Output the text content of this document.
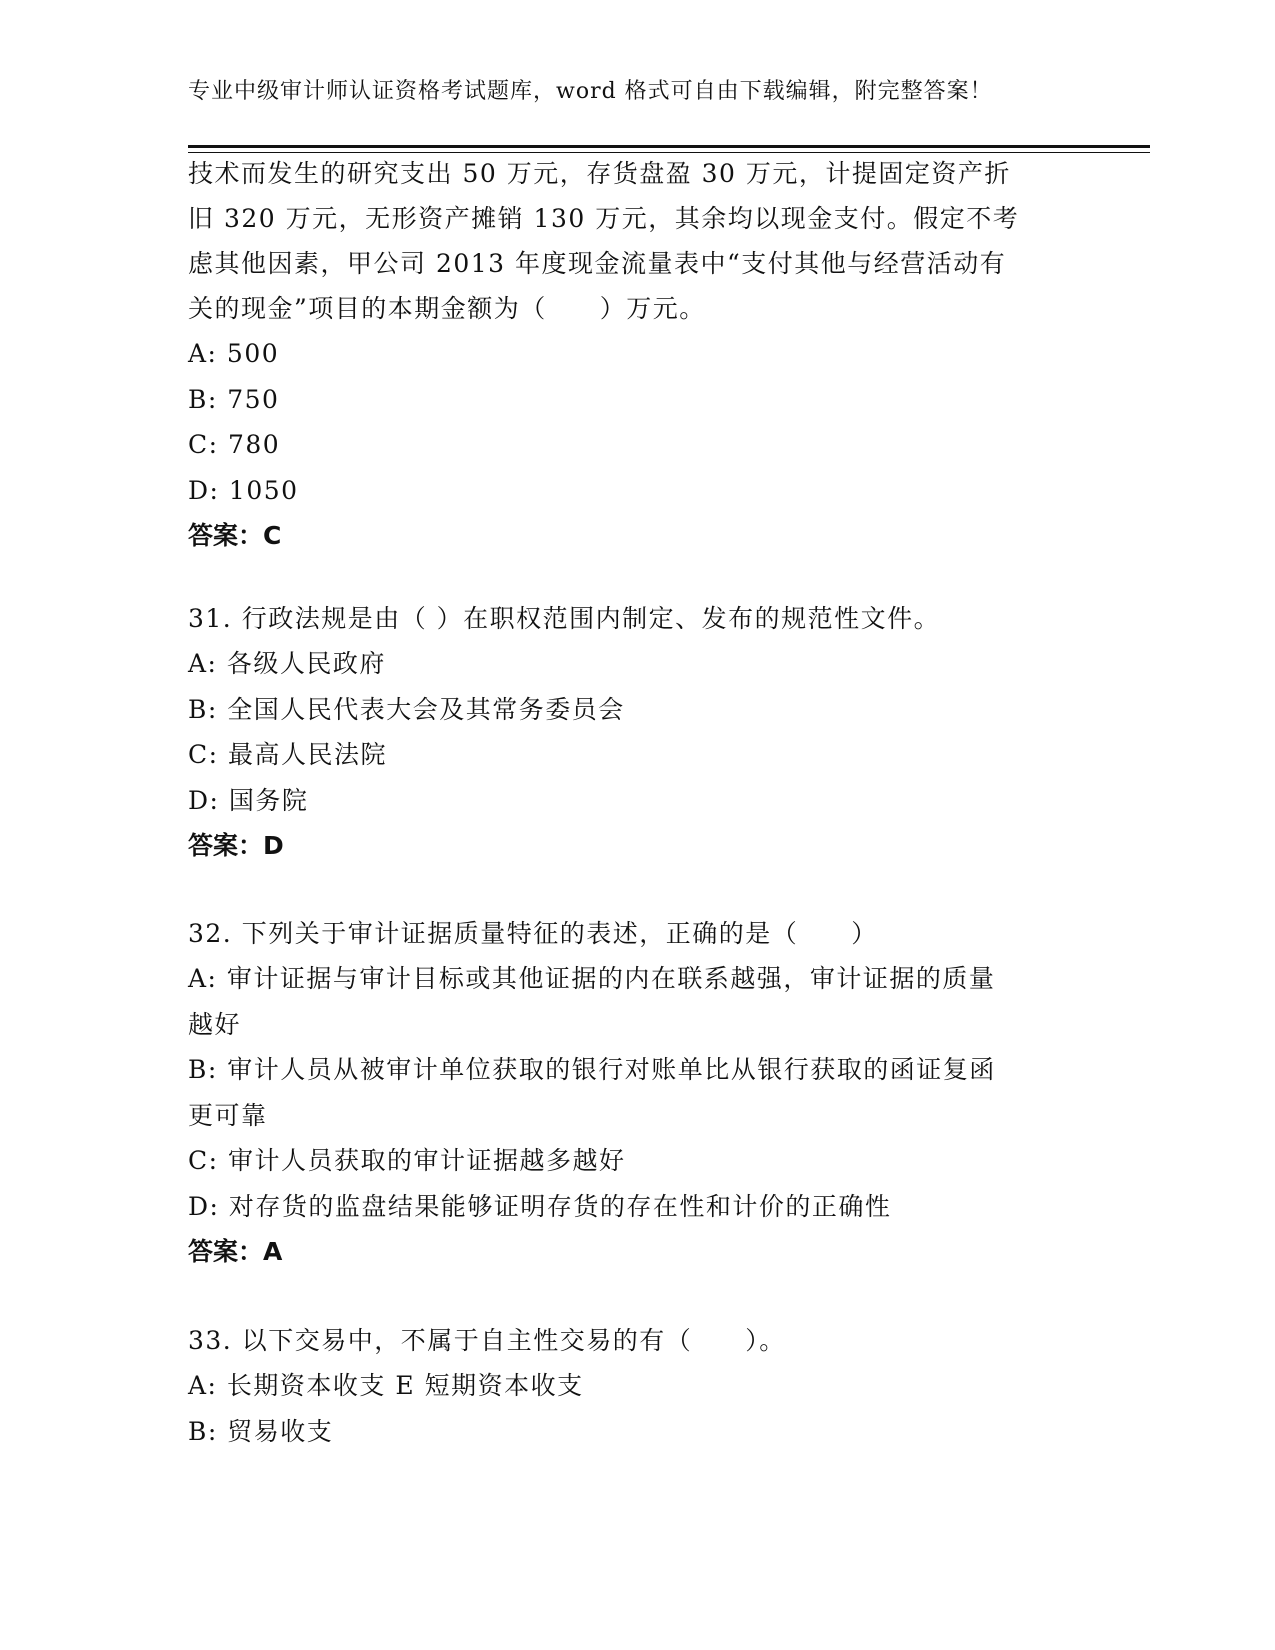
专业中级审计师认证资格考试题库，word 格式可自由下载编辑，附完整答案！
技术而发生的研究支出 50 万元，存货盘盈 30 万元，计提固定资产折
旧 320 万元，无形资产摊销 130 万元，其余均以现金支付。假定不考
虑其他因素，甲公司 2013 年度现金流量表中“支付其他与经营活动有
关的现金”项目的本期金额为（　　）万元。
A: 500
B: 750
C: 780
D: 1050
答案：C
31. 行政法规是由（ ）在职权范围内制定、发布的规范性文件。
A: 各级人民政府
B: 全国人民代表大会及其常务委员会
C: 最高人民法院
D: 国务院
答案：D
32. 下列关于审计证据质量特征的表述，正确的是（　　）
A: 审计证据与审计目标或其他证据的内在联系越强，审计证据的质量
越好
B: 审计人员从被审计单位获取的银行对账单比从银行获取的函证复函
更可靠
C: 审计人员获取的审计证据越多越好
D: 对存货的监盘结果能够证明存货的存在性和计价的正确性
答案：A
33. 以下交易中，不属于自主性交易的有（　　）。
A: 长期资本收支 E 短期资本收支
B: 贸易收支
